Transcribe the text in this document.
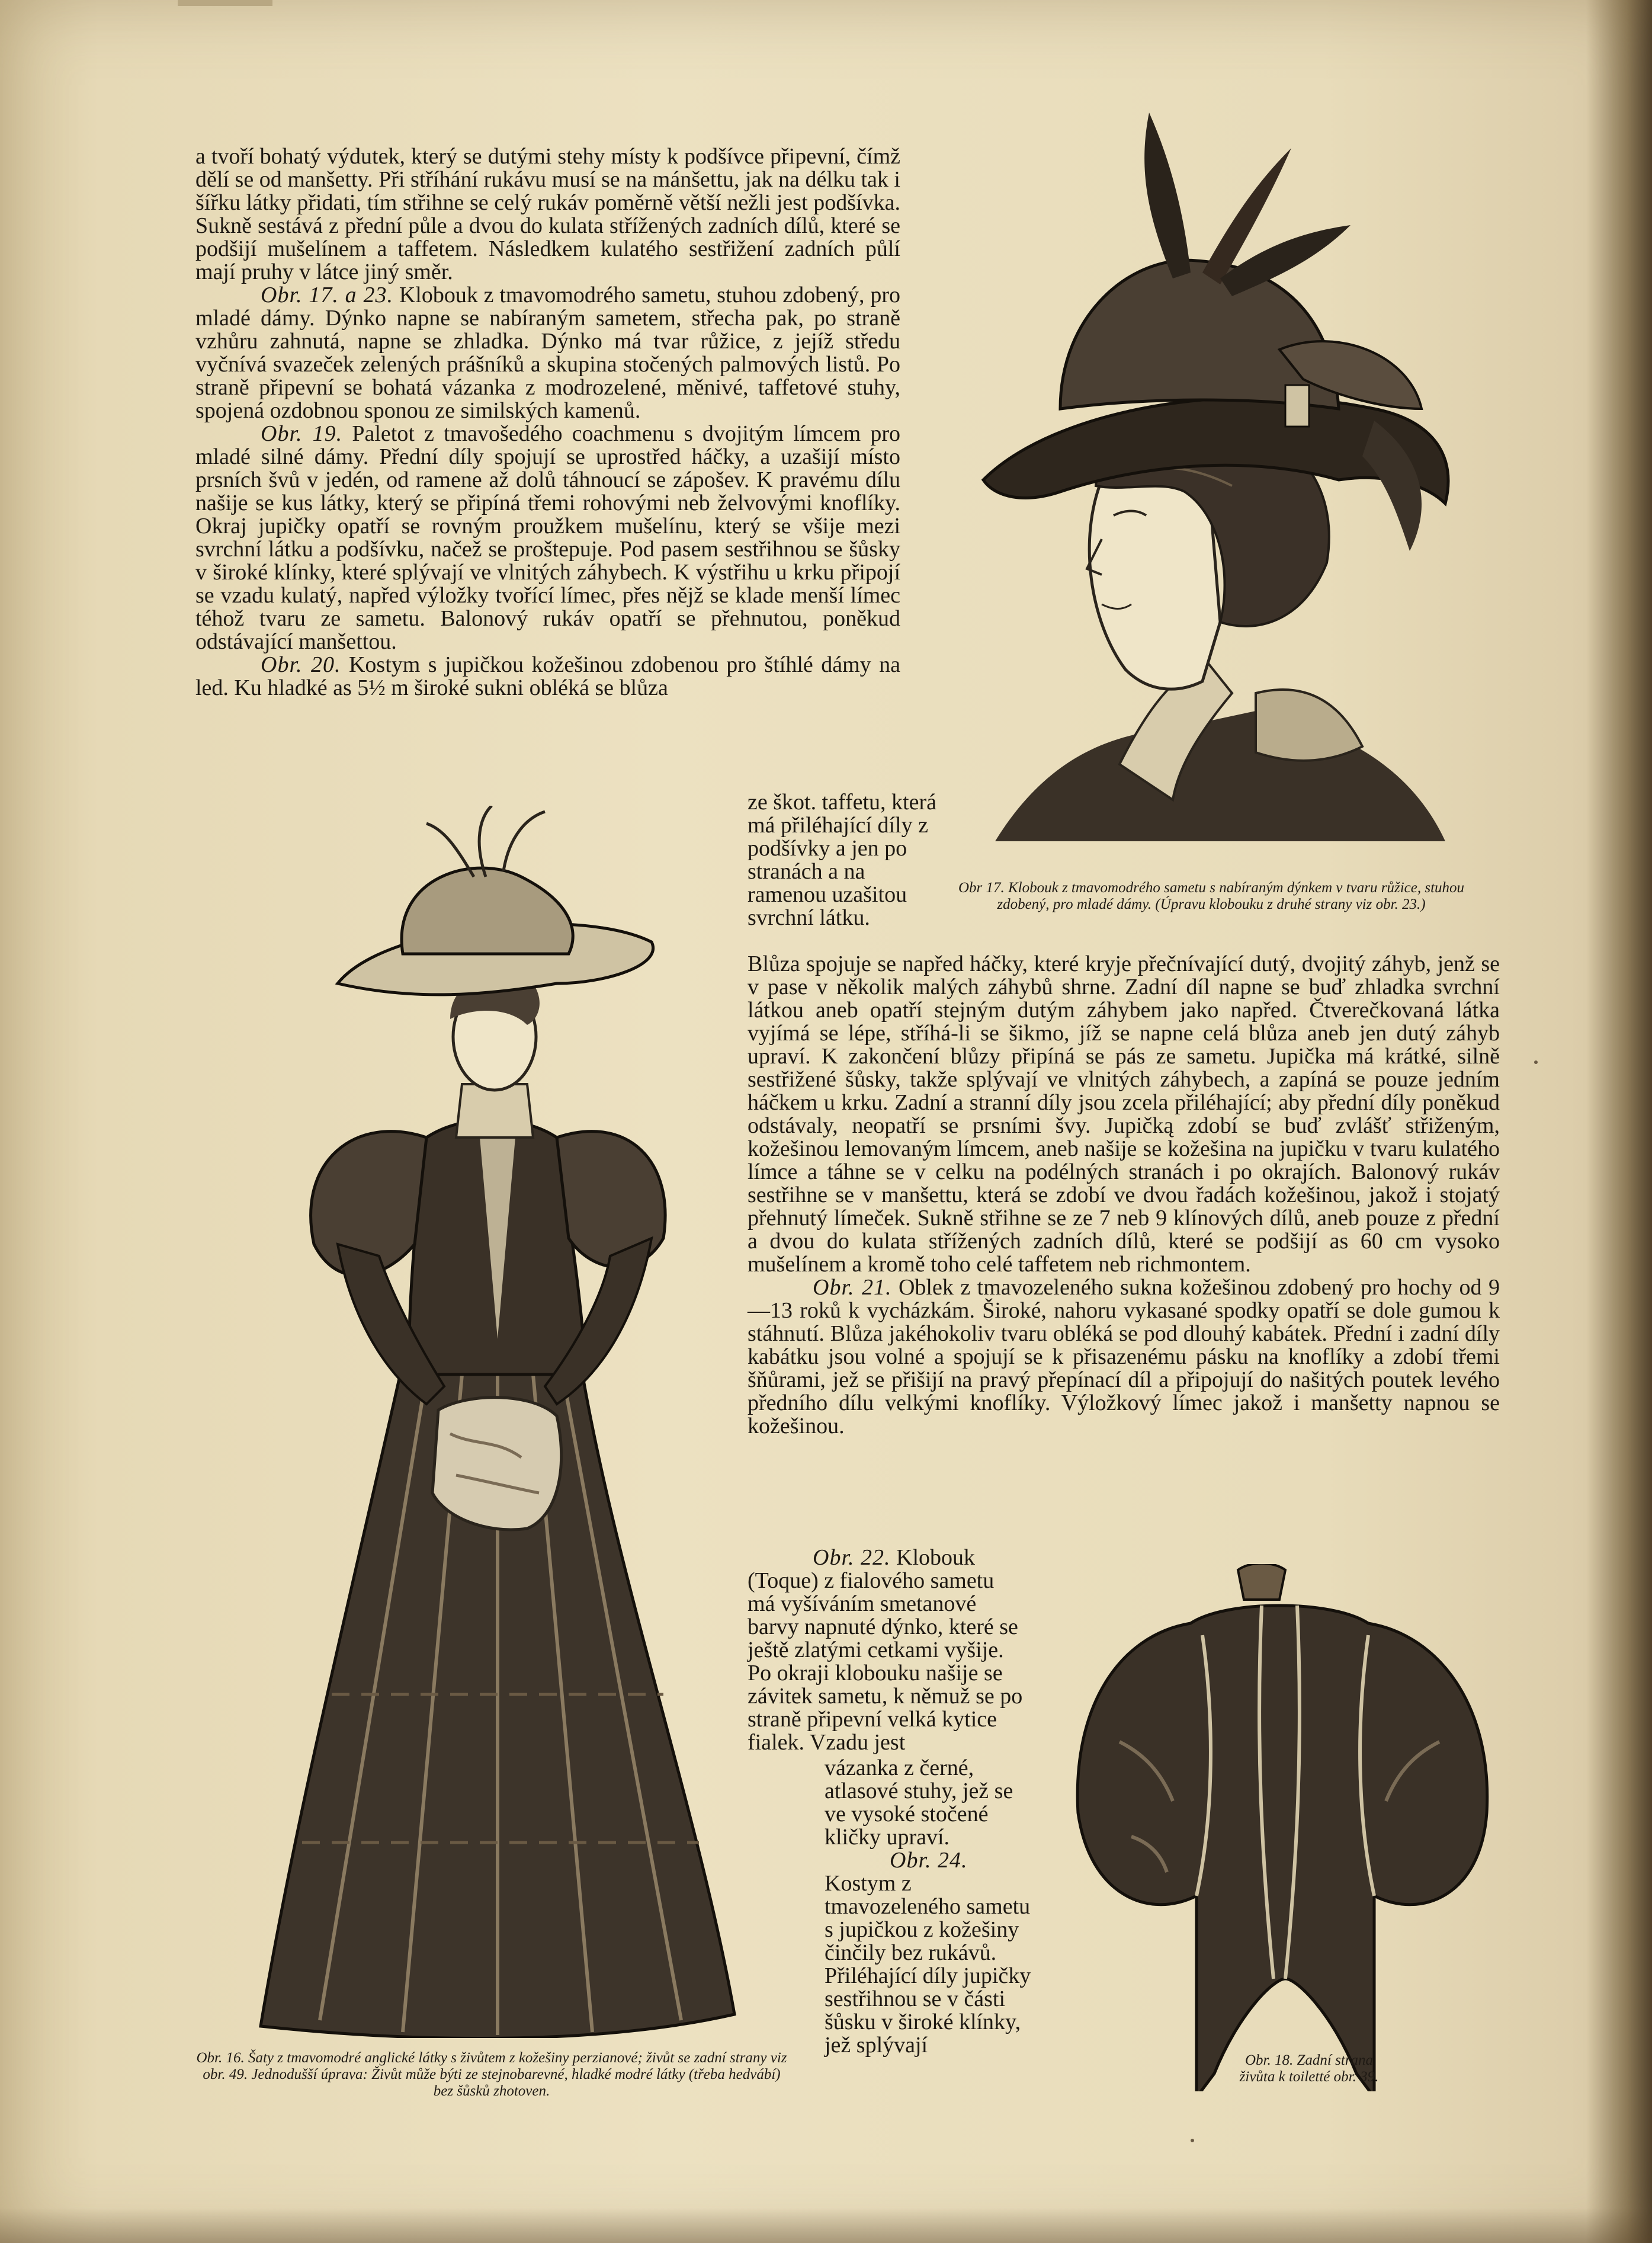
a tvoří bohatý výdutek, který se dutými stehy místy k podšívce připevní, čímž dělí se od manšetty. Při stříhání rukávu musí se na mánšettu, jak na délku tak i šířku látky přidati, tím střihne se celý rukáv poměrně větší nežli jest podšívka. Sukně sestává z přední půle a dvou do kulata střížených zadních dílů, které se podšijí mušelínem a taffetem. Následkem kulatého sestřižení zadních půlí mají pruhy v látce jiný směr.

Obr. 17. a 23. Klobouk z tmavomodrého sametu, stuhou zdobený, pro mladé dámy. Dýnko napne se nabíraným sametem, střecha pak, po straně vzhůru zahnutá, napne se zhladka. Dýnko má tvar růžice, z jejíž středu vyčnívá svazeček zelených prášníků a skupina stočených palmových listů. Po straně připevní se bohatá vázanka z modrozelené, měnivé, taffetové stuhy, spojená ozdobnou sponou ze similských kamenů.

Obr. 19. Paletot z tmavošedého coachmenu s dvojitým límcem pro mladé silné dámy. Přední díly spojují se uprostřed háčky, a uzašijí místo prsních švů v jedén, od ramene až dolů táhnoucí se zápošev. K pravému dílu našije se kus látky, který se připíná třemi rohovými neb želvovými knoflíky. Okraj jupičky opatří se rovným proužkem mušelínu, který se všije mezi svrchní látku a podšívku, načež se proštepuje. Pod pasem sestřihnou se šůsky v široké klínky, které splývají ve vlnitých záhybech. K výstřihu u krku připojí se vzadu kulatý, napřed výložky tvořící límec, přes nějž se klade menší límec téhož tvaru ze sametu. Balonový rukáv opatří se přehnutou, poněkud odstávající manšettou.

Obr. 20. Kostym s jupičkou kožešinou zdobenou pro štíhlé dámy na led. Ku hladké as 5½ m široké sukni obléká se blůza

ze škot. taffetu, která má přiléhající díly z podšívky a jen po stranách a na ramenou uzašitou svrchní látku.

Blůza spojuje se napřed háčky, které kryje přečnívající dutý, dvojitý záhyb, jenž se v pase v několik malých záhybů shrne. Zadní díl napne se buď zhladka svrchní látkou aneb opatří stejným dutým záhybem jako napřed. Čtverečkovaná látka vyjímá se lépe, stříhá-li se šikmo, jíž se napne celá blůza aneb jen dutý záhyb upraví. K zakončení blůzy připíná se pás ze sametu. Jupička má krátké, silně sestřižené šůsky, takže splývají ve vlnitých záhybech, a zapíná se pouze jedním háčkem u krku. Zadní a stranní díly jsou zcela přiléhající; aby přední díly poněkud odstávaly, neopatří se prsními švy. Jupičką zdobí se buď zvlášť střiženým, kožešinou lemovaným límcem, aneb našije se kožešina na jupičku v tvaru kulatého límce a táhne se v celku na podélných stranách i po okrajích. Balonový rukáv sestřihne se v manšettu, která se zdobí ve dvou řadách kožešinou, jakož i stojatý přehnutý límeček. Sukně střihne se ze 7 neb 9 klínových dílů, aneb pouze z přední a dvou do kulata střížených zadních dílů, které se podšijí as 60 cm vysoko mušelínem a kromě toho celé taffetem neb richmontem.

Obr. 21. Oblek z tmavozeleného sukna kožešinou zdobený pro hochy od 9—13 roků k vycházkám. Široké, nahoru vykasané spodky opatří se dole gumou k stáhnutí. Blůza jakéhokoliv tvaru obléká se pod dlouhý kabátek. Přední i zadní díly kabátku jsou volné a spojují se k přisazenému pásku na knoflíky a zdobí třemi šňůrami, jež se přišijí na pravý přepínací díl a připojují do našitých poutek levého předního dílu velkými knoflíky. Výložkový límec jakož i manšetty napnou se kožešinou.

Obr. 22. Klobouk (Toque) z fialového sametu má vyšíváním smetanové barvy napnuté dýnko, které se ještě zlatými cetkami vyšije. Po okraji klobouku našije se závitek sametu, k němuž se po straně připevní velká kytice fialek. Vzadu jest

vázanka z černé, atlasové stuhy, jež se ve vysoké stočené kličky upraví.

Obr. 24. Kostym z tmavozeleného sametu s jupičkou z kožešiny činčily bez rukávů. Přiléhající díly jupičky sestřihnou se v části šůsku v široké klínky, jež splývají

Obr 17. Klobouk z tmavomodrého sametu s nabíraným dýnkem v tvaru růžice, stuhou zdobený, pro mladé dámy. (Úpravu klobouku z druhé strany viz obr. 23.)
Obr. 16. Šaty z tmavomodré anglické látky s živůtem z kožešiny perzianové; živůt se zadní strany viz obr. 49. Jednodušší úprava: Živůt může býti ze stejnobarevné, hladké modré látky (třeba hedvábí) bez šůsků zhotoven.
Obr. 18. Zadní strana živůta k toiletté obr. 39.
